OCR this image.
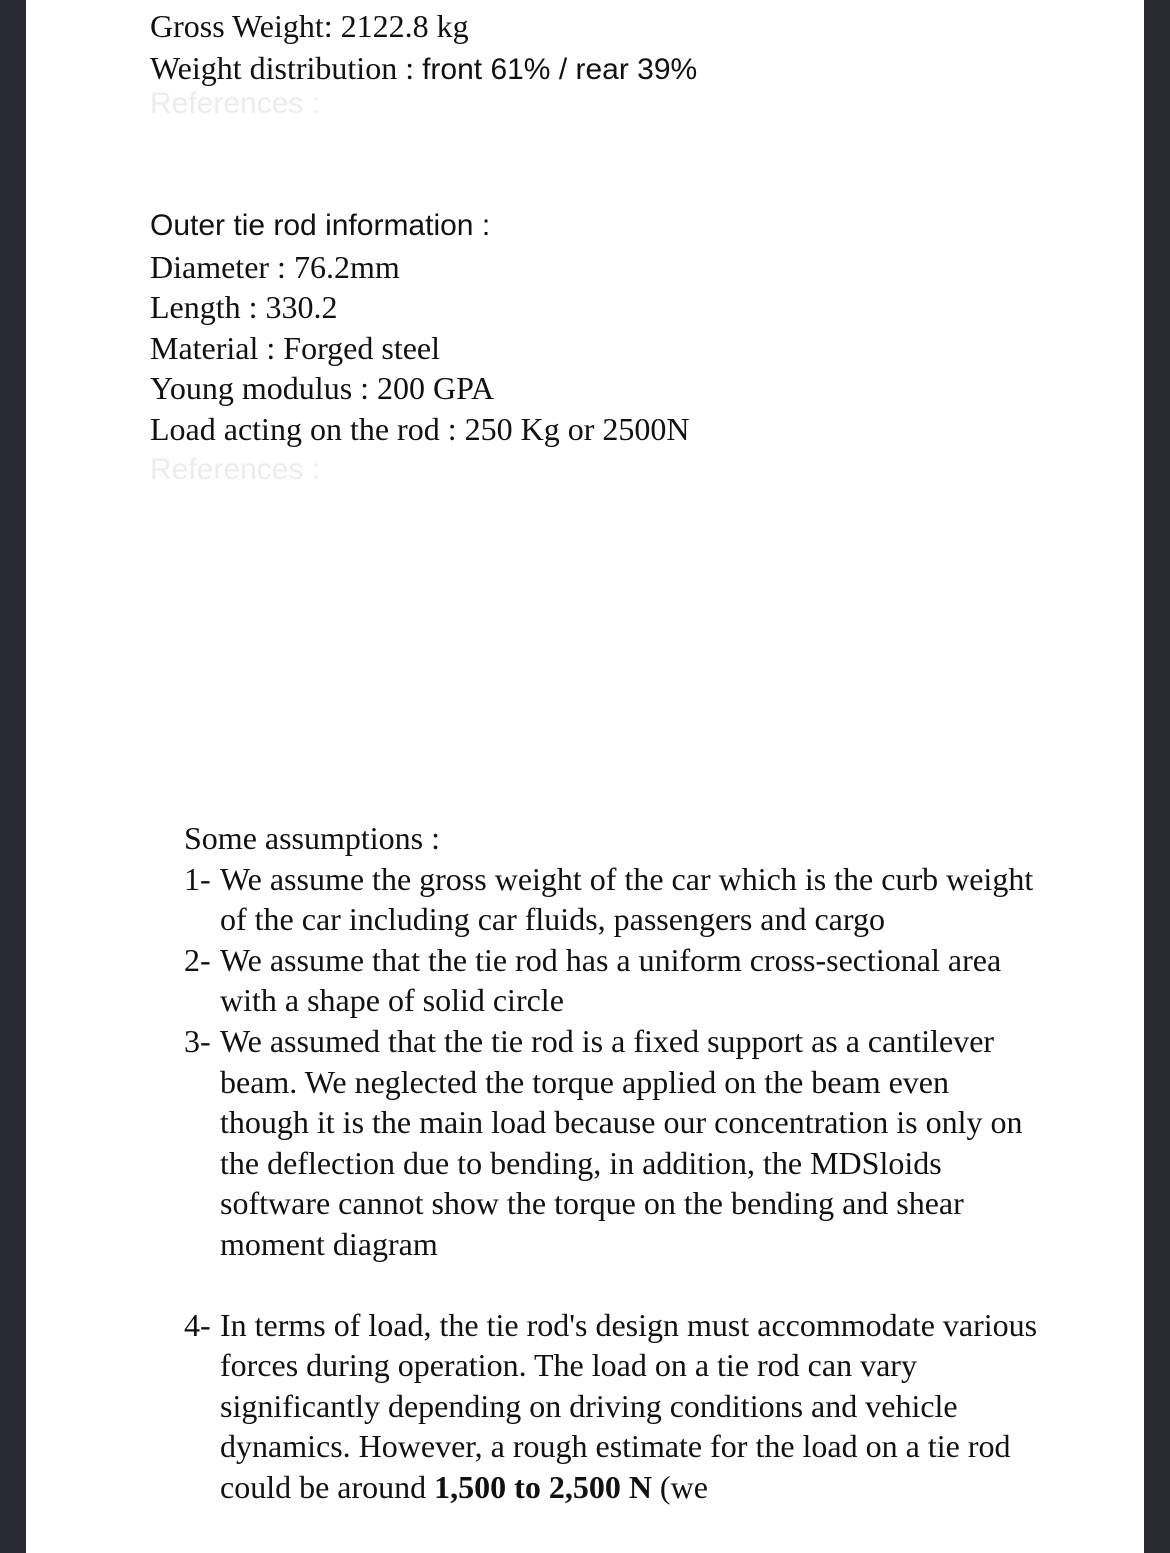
Gross Weight: 2122.8 kg
Weight distribution : front 61% / rear 39%
References :
Outer tie rod information :
Diameter : 76.2mm
Length : 330.2
Material : Forged steel
Young modulus : 200 GPA
Load acting on the rod : 250 Kg or 2500N
References :

Some assumptions :

1- We assume the gross weight of the car which is the curb weight of the car including car fluids, passengers and cargo

2- We assume that the tie rod has a uniform cross-sectional area with a shape of solid circle

3- We assumed that the tie rod is a fixed support as a cantilever beam. We neglected the torque applied on the beam even though it is the main load because our concentration is only on the deflection due to bending, in addition, the MDSloids software cannot show the torque on the bending and shear moment diagram

4- In terms of load, the tie rod's design must accommodate various forces during operation. The load on a tie rod can vary significantly depending on driving conditions and vehicle dynamics. However, a rough estimate for the load on a tie rod could be around 1,500 to 2,500 N (we
